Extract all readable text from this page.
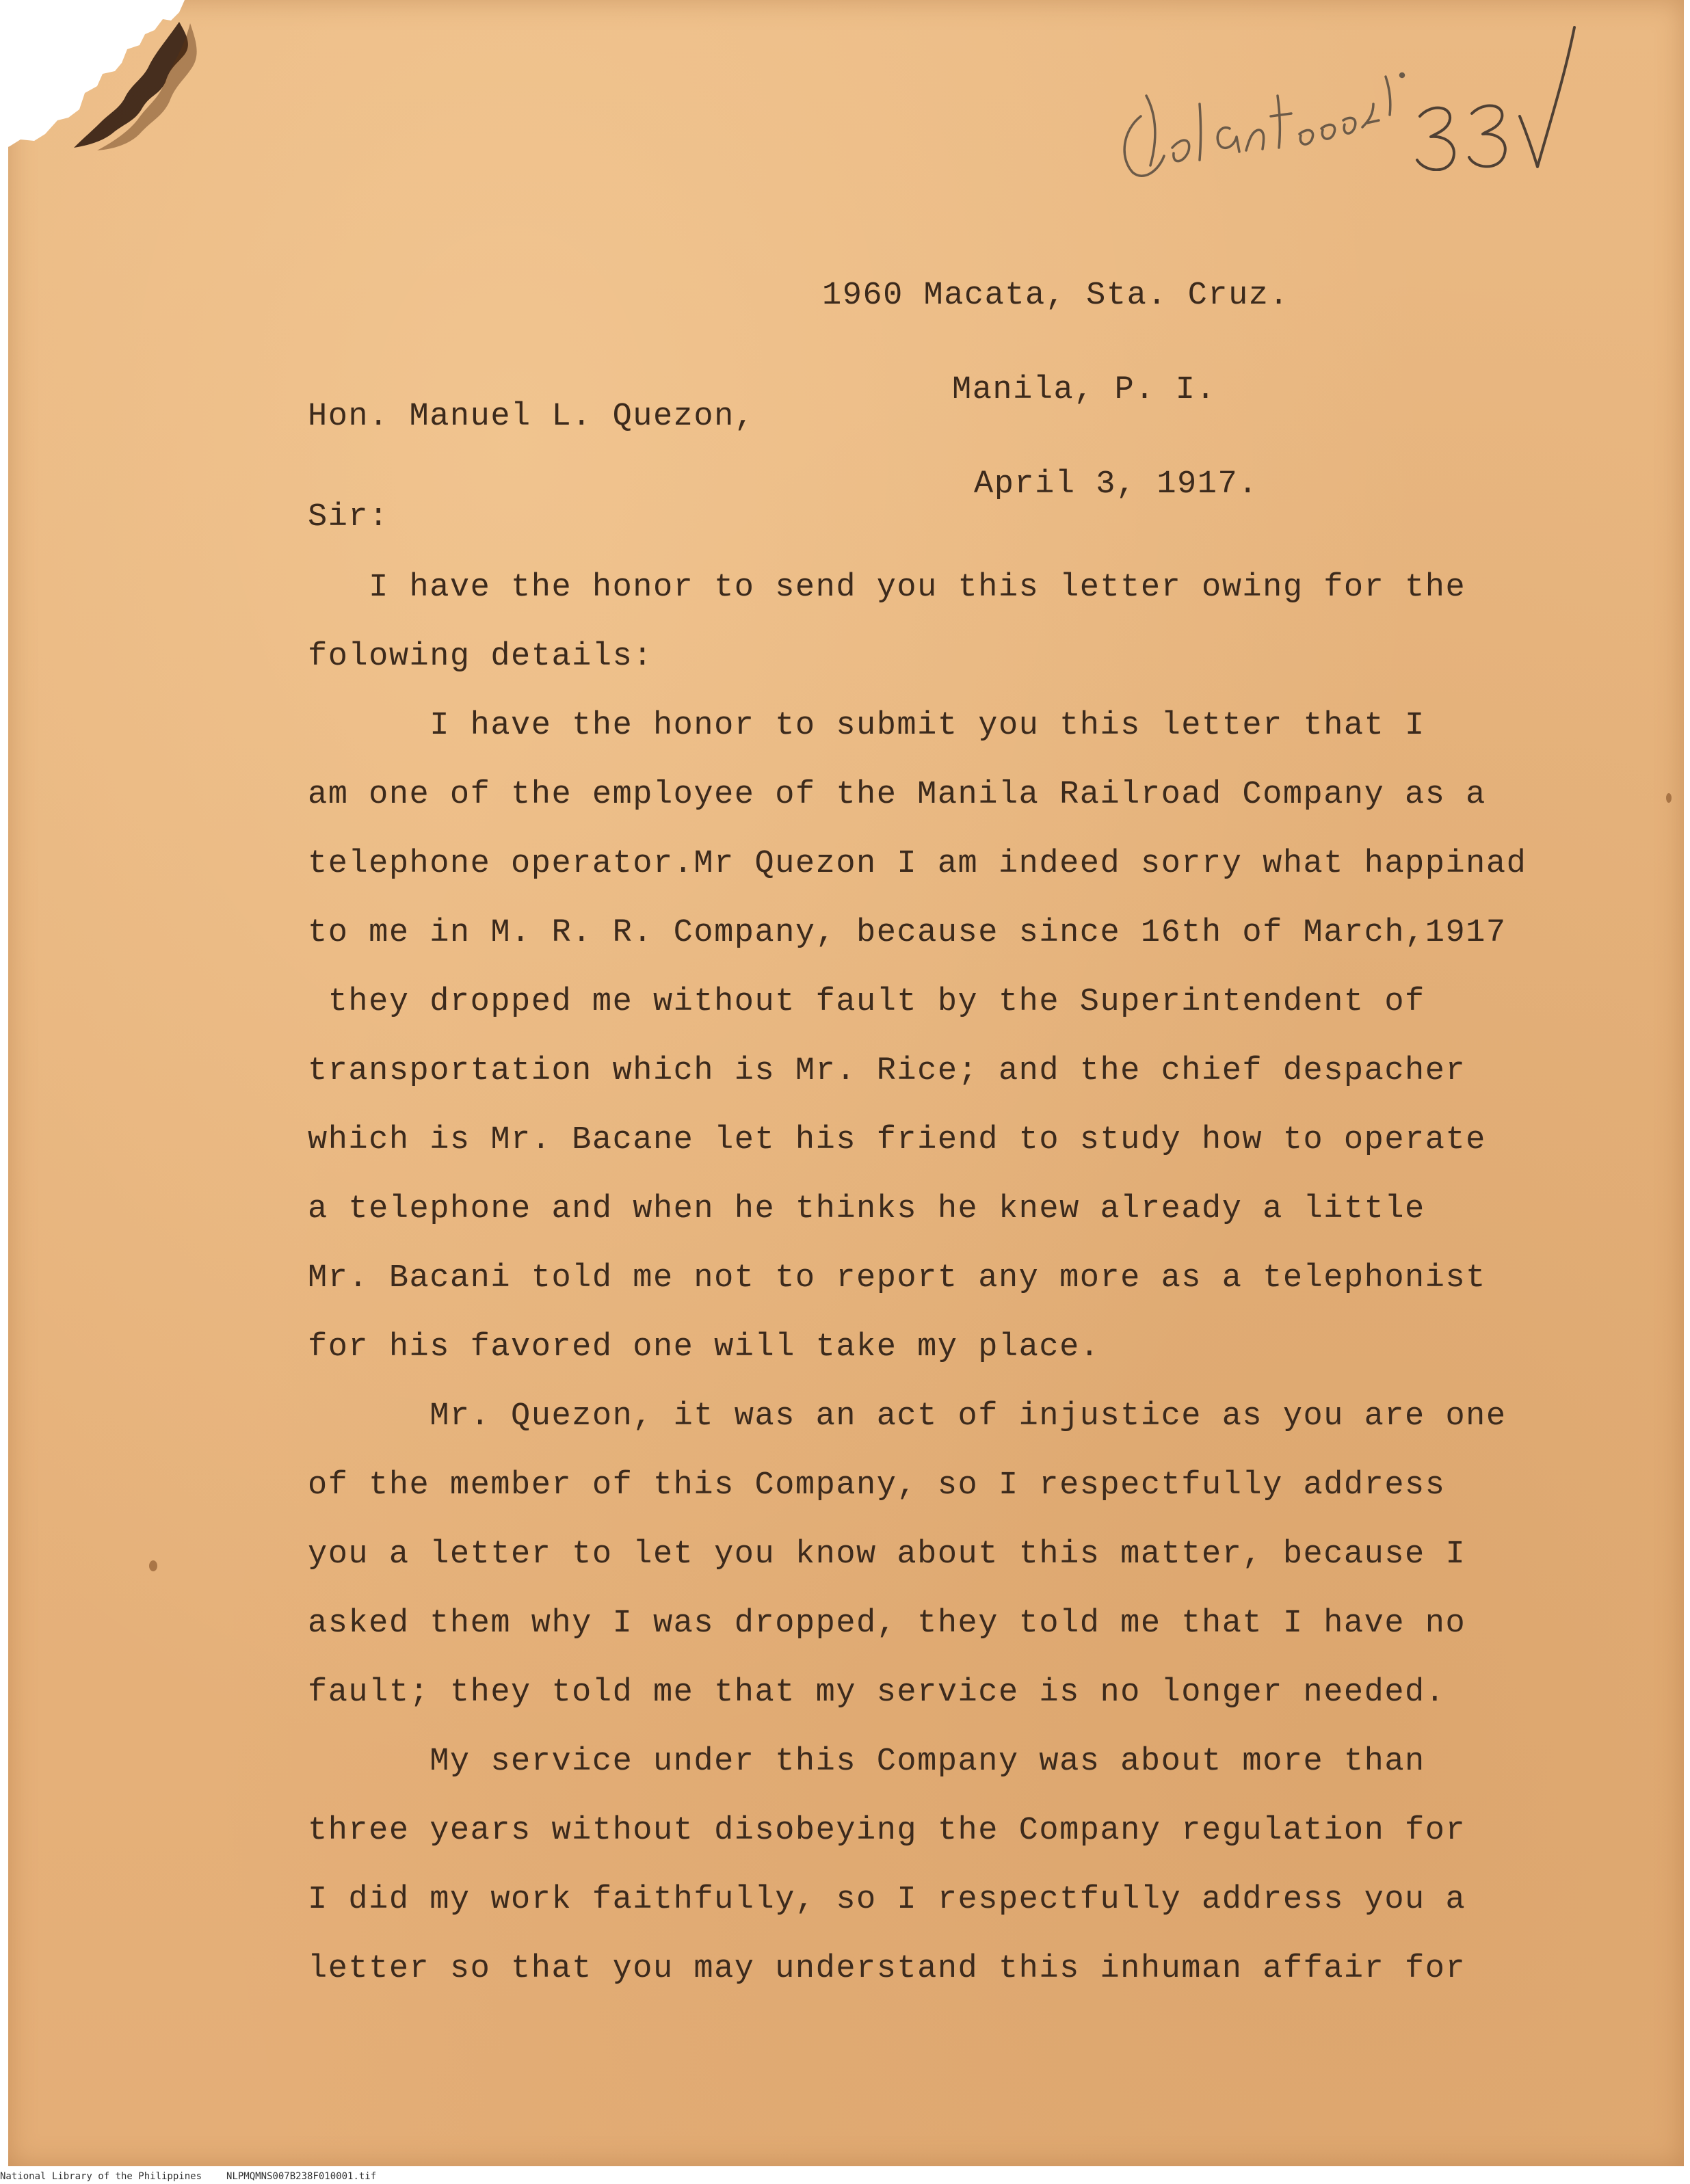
1960 Macata, Sta. Cruz.

Manila, P. I.

April 3, 1917.

Hon. Manuel L. Quezon,
Sir:
I have the honor to send you this letter owing for the
folowing details:
I have the honor to submit you this letter that I
am one of the employee of the Manila Railroad Company as a
telephone operator.Mr Quezon I am indeed sorry what happinad
to me in M. R. R. Company, because since 16th of March,1917
they dropped me without fault by the Superintendent of
transportation which is Mr. Rice; and the chief despacher
which is Mr. Bacane let his friend to study how to operate
a telephone and when he thinks he knew already a little
Mr. Bacani told me not to report any more as a telephonist
for his favored one will take my place.
Mr. Quezon, it was an act of injustice as you are one
of the member of this Company, so I respectfully address
you a letter to let you know about this matter, because I
asked them why I was dropped, they told me that I have no
fault; they told me that my service is no longer needed.
My service under this Company was about more than
three years without disobeying the Company regulation for
I did my work faithfully, so I respectfully address you a
letter so that you may understand this inhuman affair for
National Library of the Philippines	NLPMQMNS007B238F010001.tif
